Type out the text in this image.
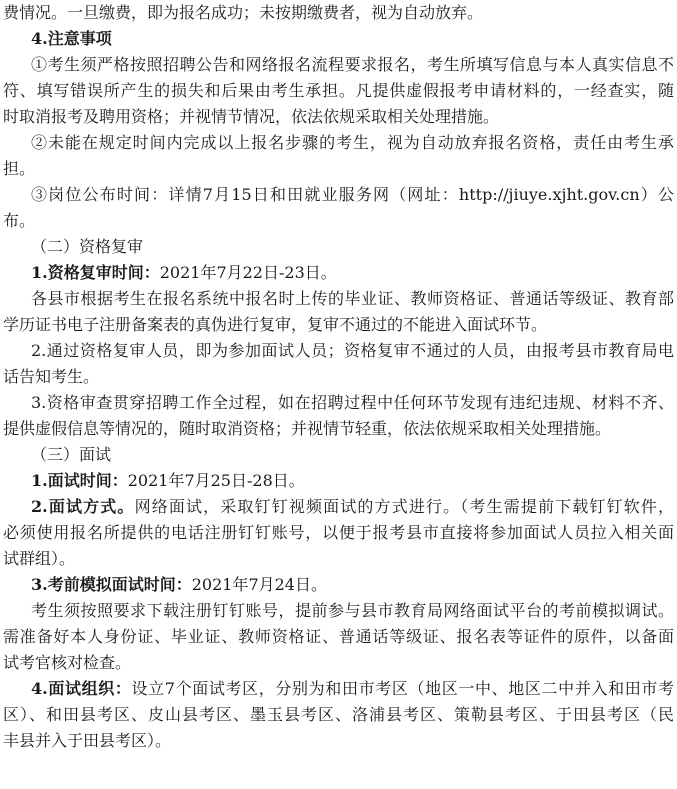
费情况。一旦缴费，即为报名成功；未按期缴费者，视为自动放弃。
4.注意事项
①考生须严格按照招聘公告和网络报名流程要求报名，考生所填写信息与本人真实信息不
符、填写错误所产生的损失和后果由考生承担。凡提供虚假报考申请材料的，一经查实，随
时取消报考及聘用资格；并视情节情况，依法依规采取相关处理措施。
②未能在规定时间内完成以上报名步骤的考生，视为自动放弃报名资格，责任由考生承
担。
③岗位公布时间：详情7月15日和田就业服务网（网址：http://jiuye.xjht.gov.cn）公
布。
（二）资格复审
1.资格复审时间：2021年7月22日-23日。
各县市根据考生在报名系统中报名时上传的毕业证、教师资格证、普通话等级证、教育部
学历证书电子注册备案表的真伪进行复审，复审不通过的不能进入面试环节。
2.通过资格复审人员，即为参加面试人员；资格复审不通过的人员，由报考县市教育局电
话告知考生。
3.资格审查贯穿招聘工作全过程，如在招聘过程中任何环节发现有违纪违规、材料不齐、
提供虚假信息等情况的，随时取消资格；并视情节轻重，依法依规采取相关处理措施。
（三）面试
1.面试时间：2021年7月25日-28日。
2.面试方式。网络面试，采取钉钉视频面试的方式进行。（考生需提前下载钉钉软件，
必须使用报名所提供的电话注册钉钉账号，以便于报考县市直接将参加面试人员拉入相关面
试群组）。
3.考前模拟面试时间：2021年7月24日。
考生须按照要求下载注册钉钉账号，提前参与县市教育局网络面试平台的考前模拟调试。
需准备好本人身份证、毕业证、教师资格证、普通话等级证、报名表等证件的原件，以备面
试考官核对检查。
4.面试组织：设立7个面试考区，分别为和田市考区（地区一中、地区二中并入和田市考
区）、和田县考区、皮山县考区、墨玉县考区、洛浦县考区、策勒县考区、于田县考区（民
丰县并入于田县考区）。
